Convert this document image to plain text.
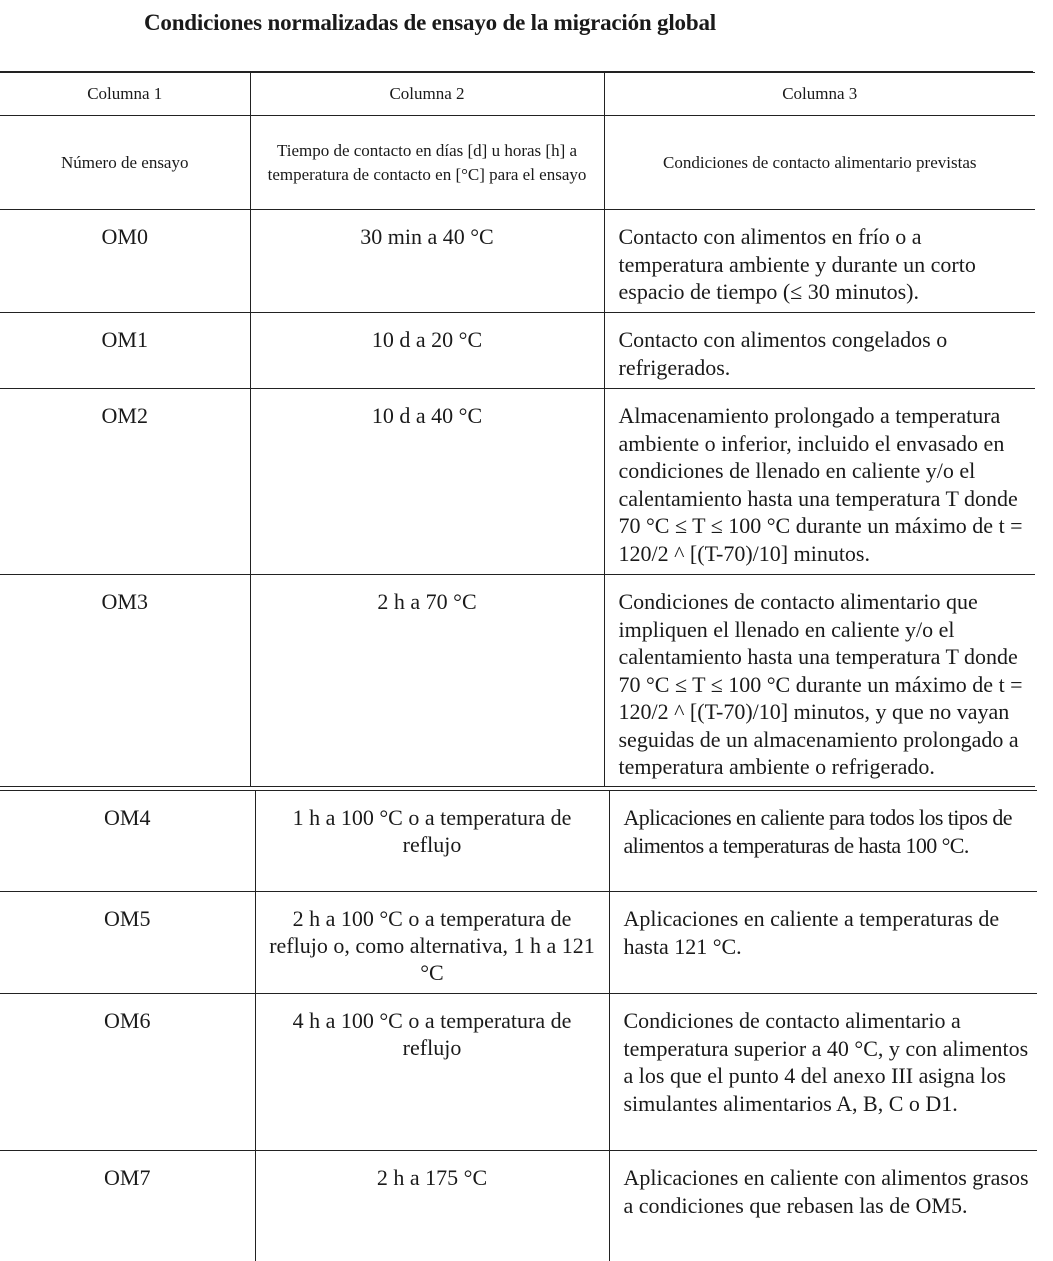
Condiciones normalizadas de ensayo de la migración global
Columna 1	Columna 2	Columna 3
Número de ensayo	Tiempo de contacto en días [d] u horas [h] a temperatura de contacto en [°C] para el ensayo	Condiciones de contacto alimentario previstas
OM0	30 min a 40 °C	Contacto con alimentos en frío o a temperatura ambiente y durante un corto espacio de tiempo (≤ 30 minutos).
OM1	10 d a 20 °C	Contacto con alimentos congelados o refrigerados.
OM2	10 d a 40 °C	Almacenamiento prolongado a temperatura ambiente o inferior, incluido el envasado en condiciones de llenado en caliente y/o el calentamiento hasta una temperatura T donde 70 °C ≤ T ≤ 100 °C durante un máximo de t = 120/2 ^ [(T-70)/10] minutos.
OM3	2 h a 70 °C	Condiciones de contacto alimentario que impliquen el llenado en caliente y/o el calentamiento hasta una temperatura T donde 70 °C ≤ T ≤ 100 °C durante un máximo de t = 120/2 ^ [(T-70)/10] minutos, y que no vayan seguidas de un almacenamiento prolongado a temperatura ambiente o refrigerado.
OM4	1 h a 100 °C o a temperatura de reflujo	Aplicaciones en caliente para todos los tipos de alimentos a temperaturas de hasta 100 °C.
OM5	2 h a 100 °C o a temperatura de reflujo o, como alternativa, 1 h a 121 °C	Aplicaciones en caliente a temperaturas de hasta 121 °C.
OM6	4 h a 100 °C o a temperatura de reflujo	Condiciones de contacto alimentario a temperatura superior a 40 °C, y con alimentos a los que el punto 4 del anexo III asigna los simulantes alimentarios A, B, C o D1.
OM7	2 h a 175 °C	Aplicaciones en caliente con alimentos grasos a condiciones que rebasen las de OM5.
